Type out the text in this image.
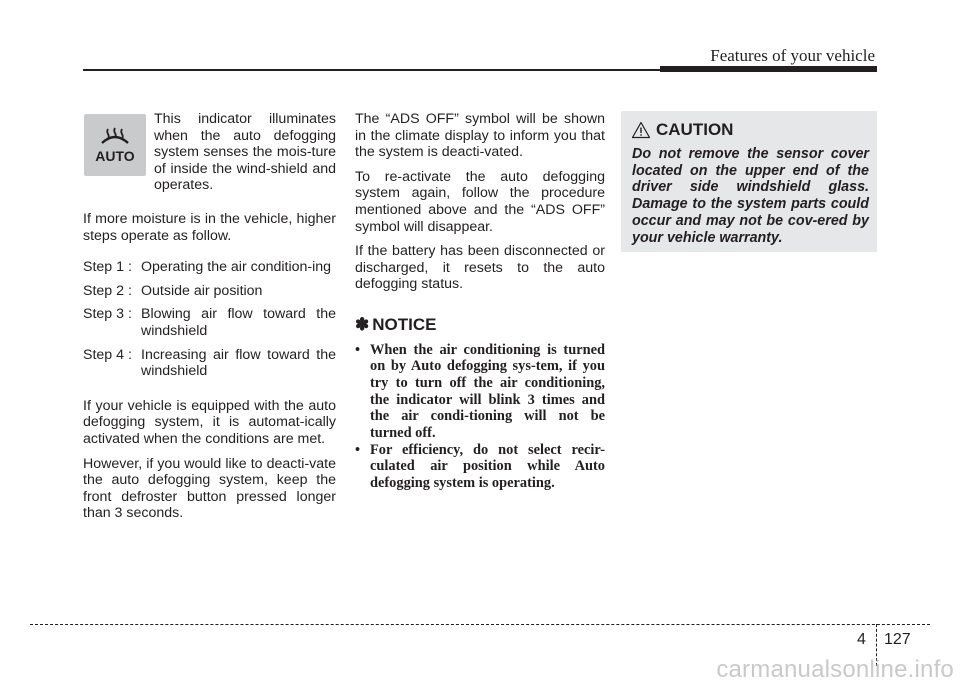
Features of your vehicle
AUTO

This indicator illuminates when the auto defogging system senses the mois-ture of inside the wind-shield and operates.

If more moisture is in the vehicle, higher steps operate as follow.

Step 1 : Operating the air condition-ing
Step 2 : Outside air position
Step 3 : Blowing air flow toward the windshield
Step 4 : Increasing air flow toward the windshield

If your vehicle is equipped with the auto defogging system, it is automat-ically activated when the conditions are met.

However, if you would like to deacti-vate the auto defogging system, keep the front defroster button pressed longer than 3 seconds.

The “ADS OFF” symbol will be shown in the climate display to inform you that the system is deacti-vated.

To re-activate the auto defogging system again, follow the procedure mentioned above and the “ADS OFF” symbol will disappear.

If the battery has been disconnected or discharged, it resets to the auto defogging status.

✽ NOTICE
• When the air conditioning is turned on by Auto defogging sys-tem, if you try to turn off the air conditioning, the indicator will blink 3 times and the air condi-tioning will not be turned off.
• For efficiency, do not select recir-culated air position while Auto defogging system is operating.
CAUTION

Do not remove the sensor cover located on the upper end of the driver side windshield glass. Damage to the system parts could occur and may not be cov-ered by your vehicle warranty.

4 127
carmanualsonline.info
